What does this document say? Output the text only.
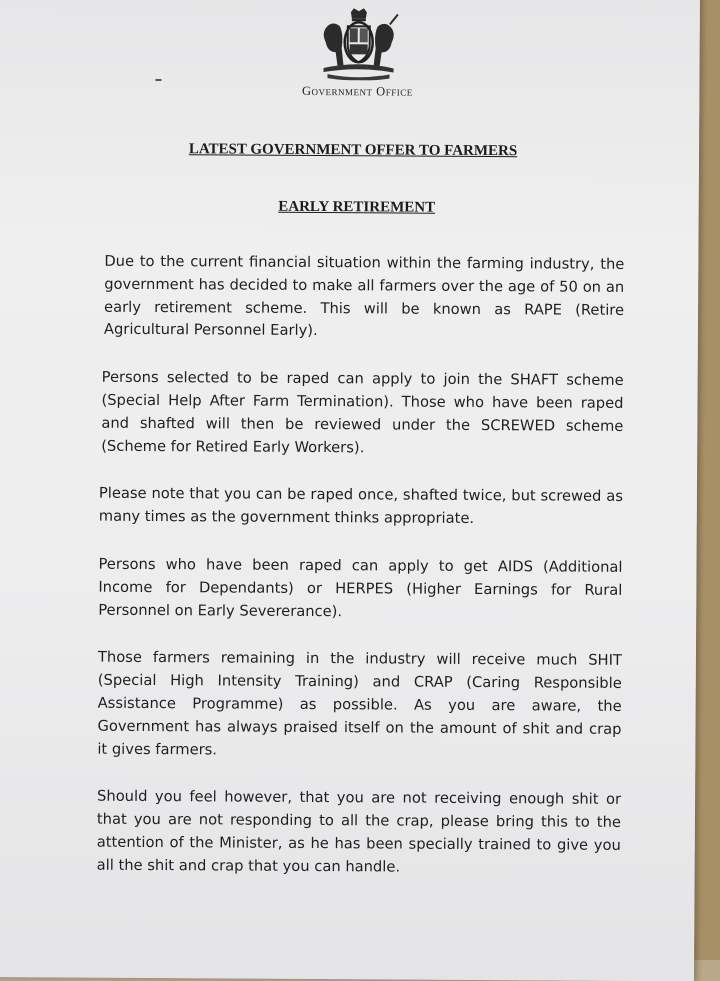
Government Office
LATEST GOVERNMENT OFFER TO FARMERS
EARLY RETIREMENT

Due to the current financial situation within the farming industry, the government has decided to make all farmers over the age of 50 on an early retirement scheme. This will be known as RAPE (Retire Agricultural Personnel Early).

Persons selected to be raped can apply to join the SHAFT scheme (Special Help After Farm Termination). Those who have been raped and shafted will then be reviewed under the SCREWED scheme (Scheme for Retired Early Workers).

Please note that you can be raped once, shafted twice, but screwed as many times as the government thinks appropriate.

Persons who have been raped can apply to get AIDS (Additional Income for Dependants) or HERPES (Higher Earnings for Rural Personnel on Early Severerance).

Those farmers remaining in the industry will receive much SHIT (Special High Intensity Training) and CRAP (Caring Responsible Assistance Programme) as possible. As you are aware, the Government has always praised itself on the amount of shit and crap it gives farmers.

Should you feel however, that you are not receiving enough shit or that you are not responding to all the crap, please bring this to the attention of the Minister, as he has been specially trained to give you all the shit and crap that you can handle.
